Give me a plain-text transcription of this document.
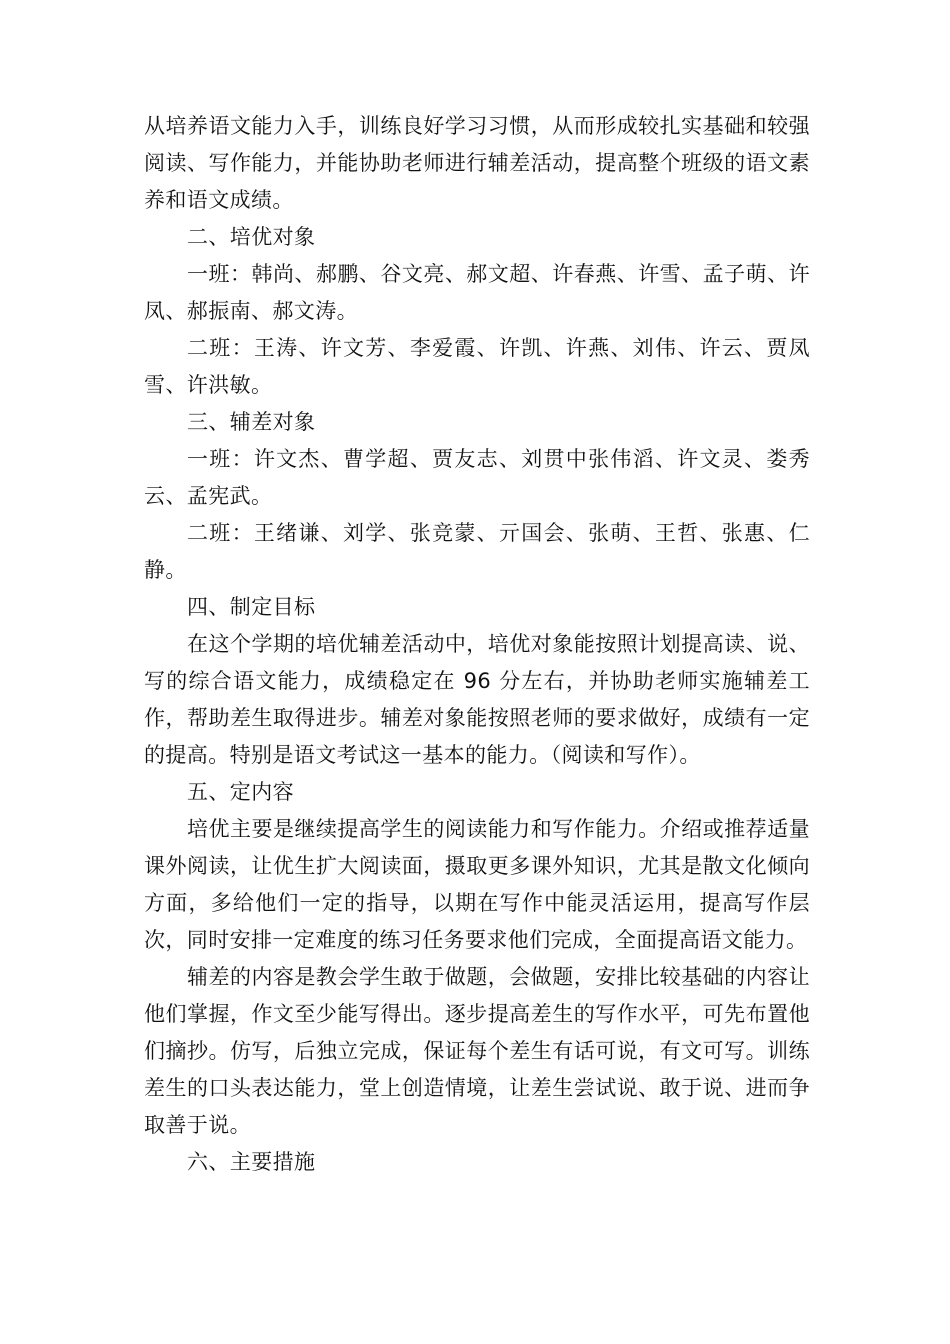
从培养语文能力入手，训练良好学习习惯，从而形成较扎实基础和较强阅读、写作能力，并能协助老师进行辅差活动，提高整个班级的语文素养和语文成绩。

二、培优对象

一班：韩尚、郝鹏、谷文亮、郝文超、许春燕、许雪、孟子萌、许凤、郝振南、郝文涛。

二班：王涛、许文芳、李爱霞、许凯、许燕、刘伟、许云、贾凤雪、许洪敏。

三、辅差对象

一班：许文杰、曹学超、贾友志、刘贯中张伟滔、许文灵、娄秀云、孟宪武。

二班：王绪谦、刘学、张竞蒙、亓国会、张萌、王哲、张惠、仁静。

四、制定目标

在这个学期的培优辅差活动中，培优对象能按照计划提高读、说、写的综合语文能力，成绩稳定在 96 分左右，并协助老师实施辅差工作，帮助差生取得进步。辅差对象能按照老师的要求做好，成绩有一定的提高。特别是语文考试这一基本的能力。（阅读和写作）。

五、定内容

培优主要是继续提高学生的阅读能力和写作能力。介绍或推荐适量课外阅读，让优生扩大阅读面，摄取更多课外知识，尤其是散文化倾向方面，多给他们一定的指导，以期在写作中能灵活运用，提高写作层次，同时安排一定难度的练习任务要求他们完成，全面提高语文能力。

辅差的内容是教会学生敢于做题，会做题，安排比较基础的内容让他们掌握，作文至少能写得出。逐步提高差生的写作水平，可先布置他们摘抄。仿写，后独立完成，保证每个差生有话可说，有文可写。训练差生的口头表达能力，堂上创造情境，让差生尝试说、敢于说、进而争取善于说。

六、主要措施
